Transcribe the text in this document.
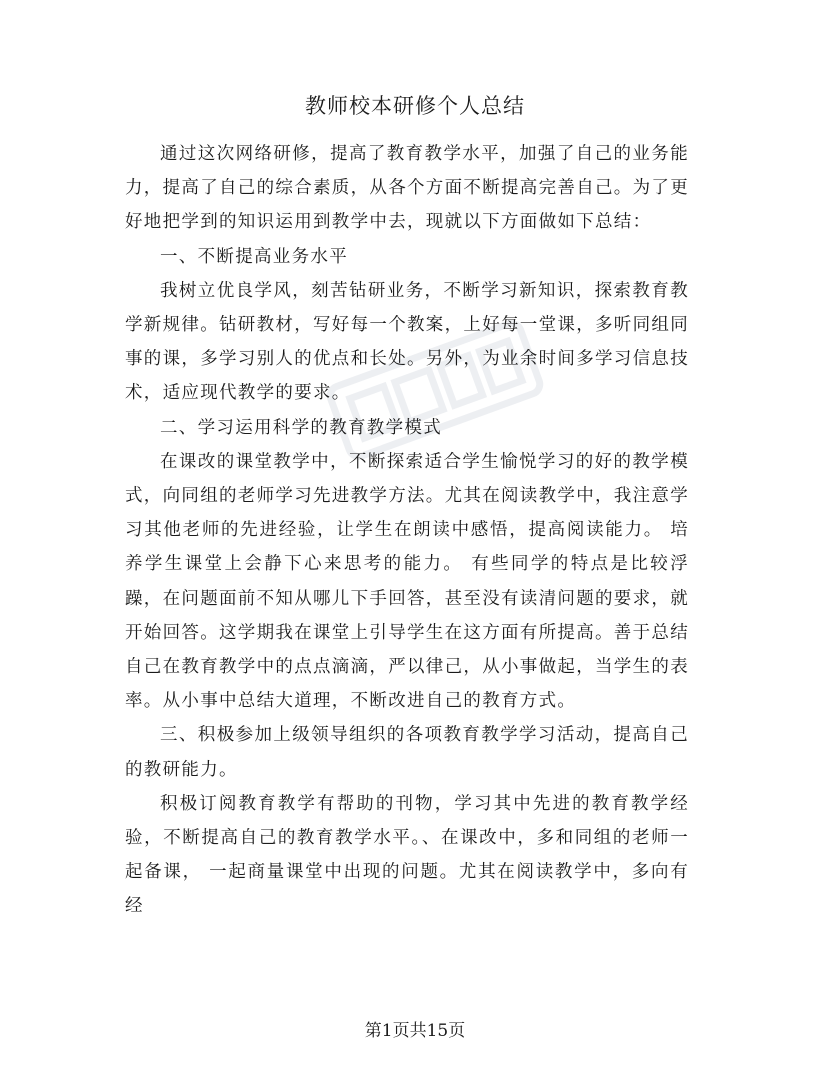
教师校本研修个人总结

通过这次网络研修，提高了教育教学水平，加强了自己的业务能力，提高了自己的综合素质，从各个方面不断提高完善自己。为了更好地把学到的知识运用到教学中去，现就以下方面做如下总结：

一、不断提高业务水平

我树立优良学风，刻苦钻研业务，不断学习新知识，探索教育教学新规律。钻研教材，写好每一个教案，上好每一堂课，多听同组同事的课，多学习别人的优点和长处。另外，为业余时间多学习信息技术，适应现代教学的要求。

二、学习运用科学的教育教学模式

在课改的课堂教学中，不断探索适合学生愉悦学习的好的教学模式，向同组的老师学习先进教学方法。尤其在阅读教学中，我注意学习其他老师的先进经验，让学生在朗读中感悟，提高阅读能力。 培养学生课堂上会静下心来思考的能力。 有些同学的特点是比较浮躁，在问题面前不知从哪儿下手回答，甚至没有读清问题的要求，就开始回答。这学期我在课堂上引导学生在这方面有所提高。善于总结自己在教育教学中的点点滴滴，严以律己，从小事做起，当学生的表率。从小事中总结大道理，不断改进自己的教育方式。

三、积极参加上级领导组织的各项教育教学学习活动，提高自己的教研能力。

积极订阅教育教学有帮助的刊物，学习其中先进的教育教学经验，不断提高自己的教育教学水平。、在课改中，多和同组的老师一起备课， 一起商量课堂中出现的问题。尤其在阅读教学中，多向有经

第1页共15页
